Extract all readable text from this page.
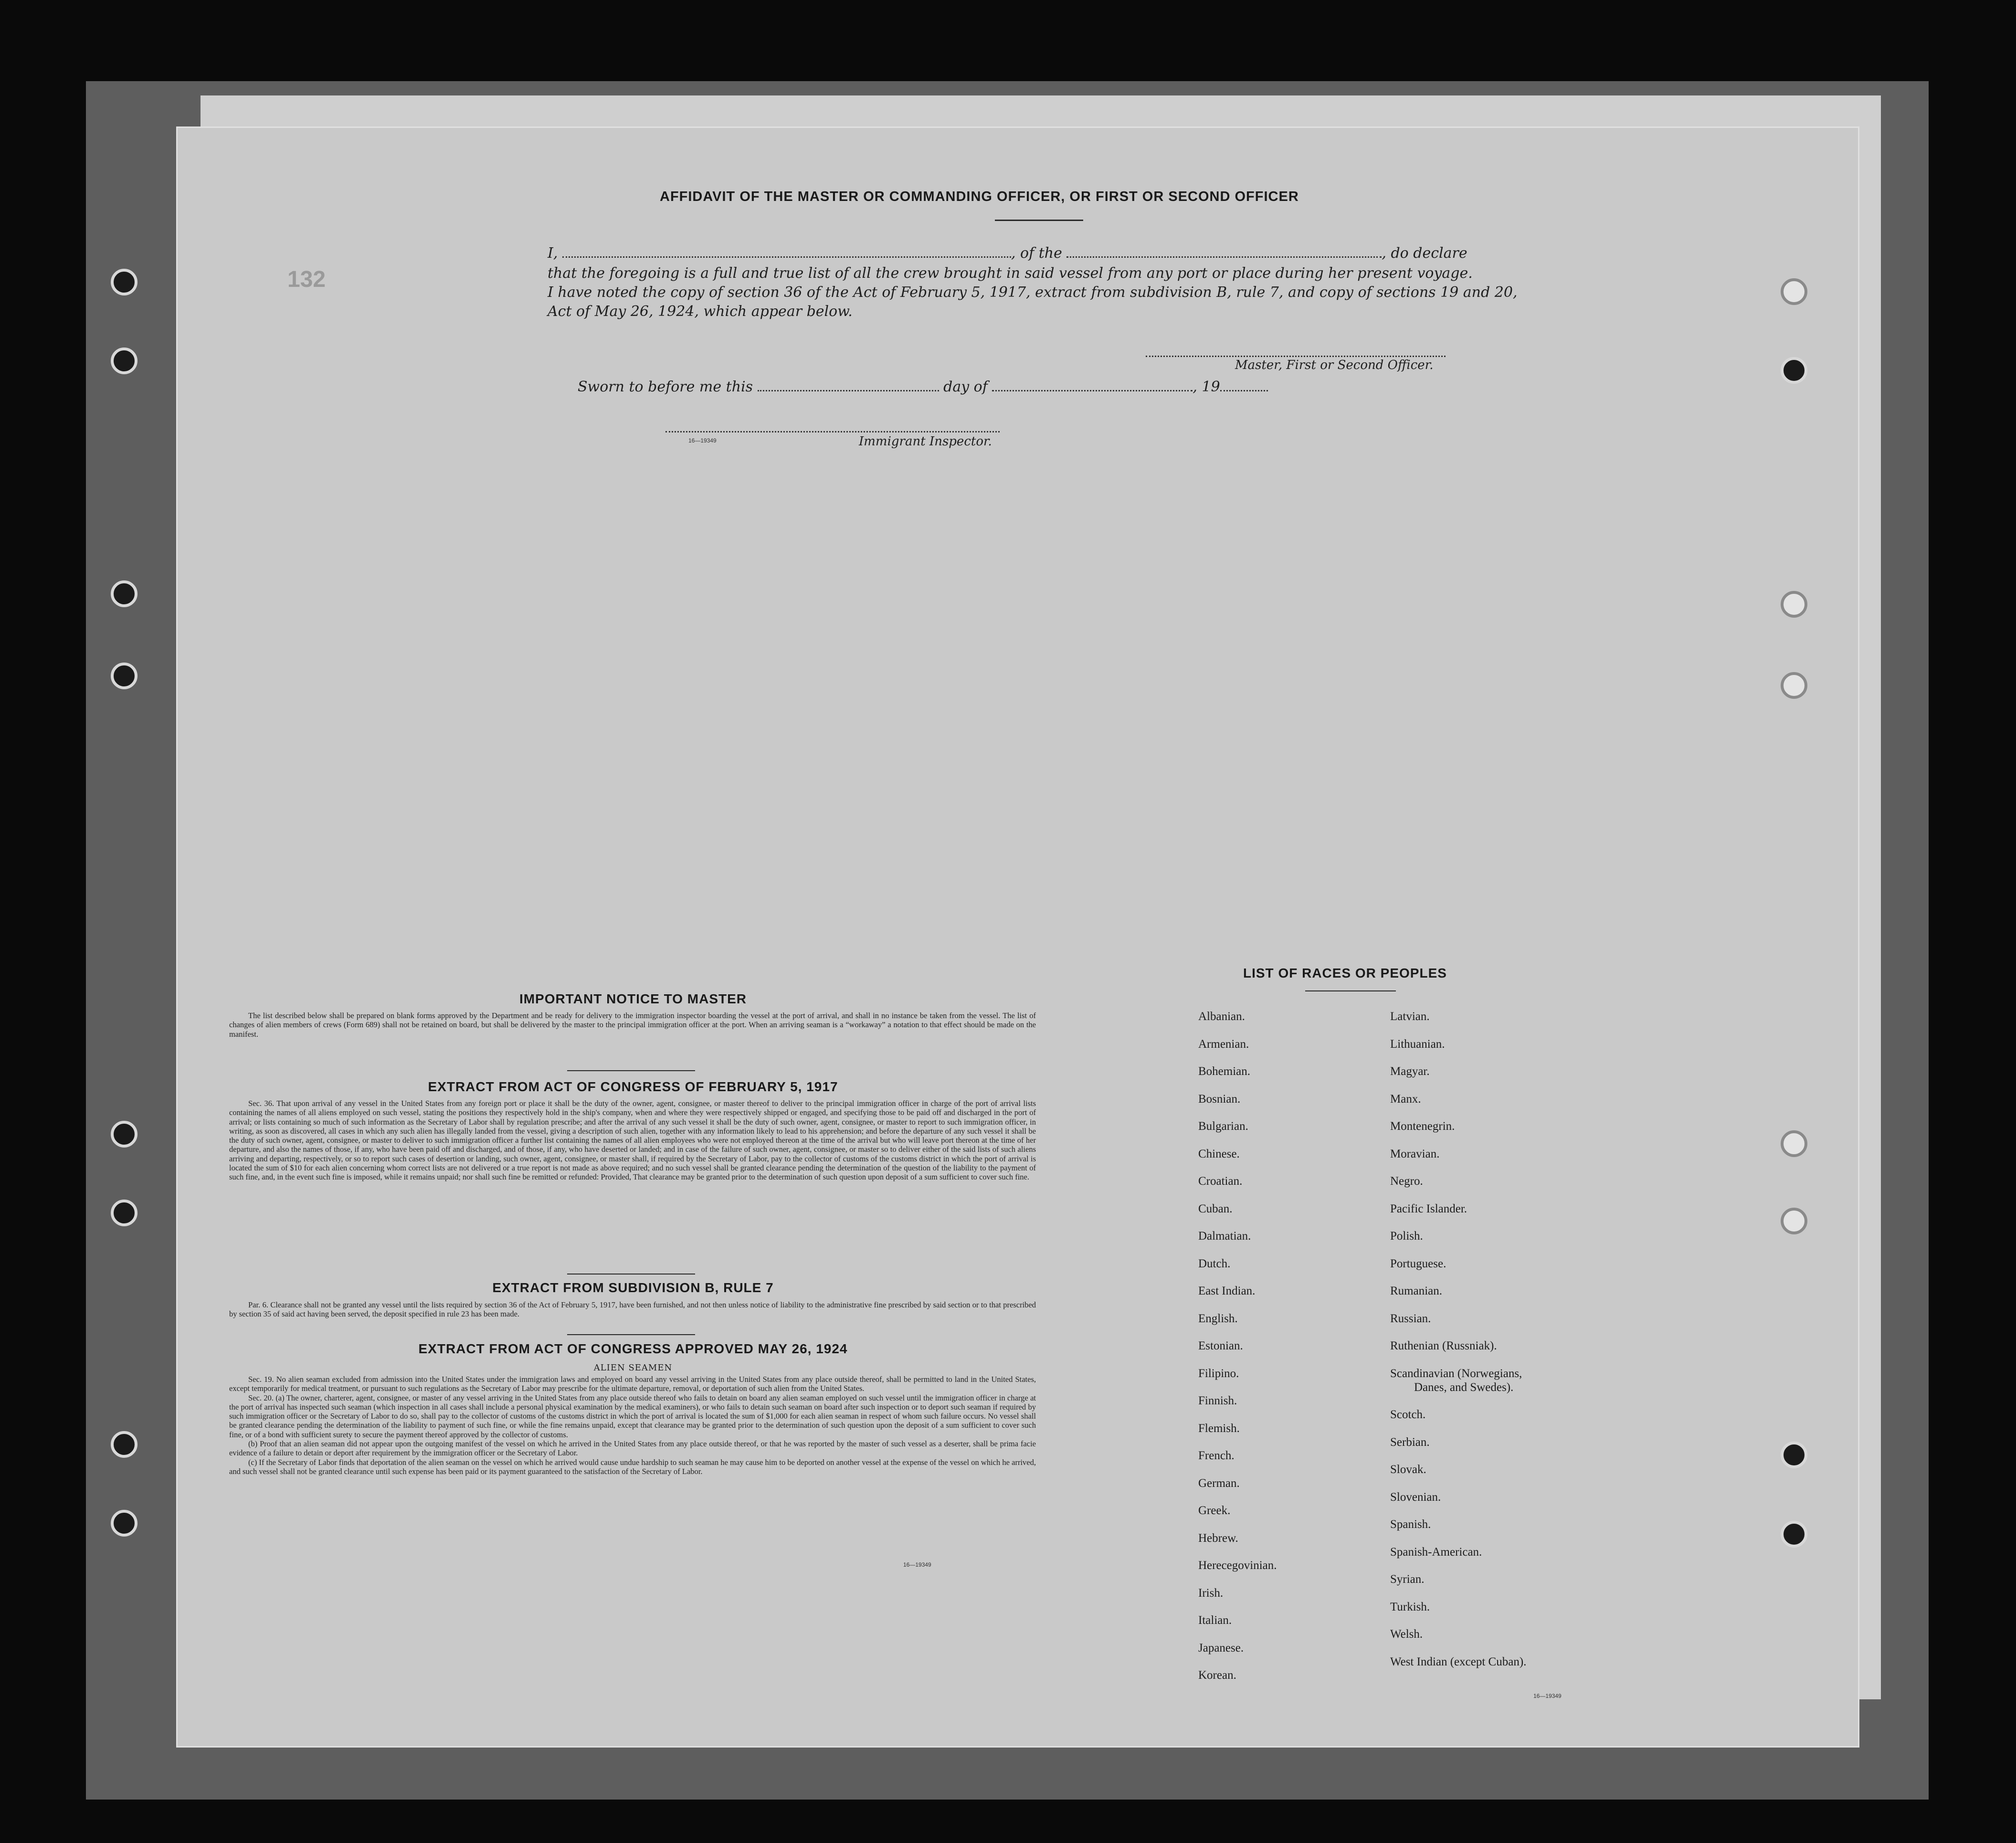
132
AFFIDAVIT OF THE MASTER OR COMMANDING OFFICER, OR FIRST OR SECOND OFFICER
I,	, of the	, do declare
that the foregoing is a full and true list of all the crew brought in said vessel from any port or place during her present voyage.
I have noted the copy of section 36 of the Act of February 5, 1917, extract from subdivision B, rule 7, and copy of sections 19 and 20,
Act of May 26, 1924, which appear below.
Master, First or Second Officer.
Sworn to before me this	day of	, 19
16—19349	Immigrant Inspector.
IMPORTANT NOTICE TO MASTER

The list described below shall be prepared on blank forms approved by the Department and be ready for delivery to the immigration inspector boarding the vessel at the port of arrival, and shall in no instance be taken from the vessel. The list of changes of alien members of crews (Form 689) shall not be retained on board, but shall be delivered by the master to the principal immigration officer at the port. When an arriving seaman is a “workaway” a notation to that effect should be made on the manifest.

EXTRACT FROM ACT OF CONGRESS OF FEBRUARY 5, 1917

Sec. 36. That upon arrival of any vessel in the United States from any foreign port or place it shall be the duty of the owner, agent, consignee, or master thereof to deliver to the principal immigration officer in charge of the port of arrival lists containing the names of all aliens employed on such vessel, stating the positions they respectively hold in the ship's company, when and where they were respectively shipped or engaged, and specifying those to be paid off and discharged in the port of arrival; or lists containing so much of such information as the Secretary of Labor shall by regulation prescribe; and after the arrival of any such vessel it shall be the duty of such owner, agent, consignee, or master to report to such immigration officer, in writing, as soon as discovered, all cases in which any such alien has illegally landed from the vessel, giving a description of such alien, together with any information likely to lead to his apprehension; and before the departure of any such vessel it shall be the duty of such owner, agent, consignee, or master to deliver to such immigration officer a further list containing the names of all alien employees who were not employed thereon at the time of the arrival but who will leave port thereon at the time of her departure, and also the names of those, if any, who have been paid off and discharged, and of those, if any, who have deserted or landed; and in case of the failure of such owner, agent, consignee, or master so to deliver either of the said lists of such aliens arriving and departing, respectively, or so to report such cases of desertion or landing, such owner, agent, consignee, or master shall, if required by the Secretary of Labor, pay to the collector of customs of the customs district in which the port of arrival is located the sum of $10 for each alien concerning whom correct lists are not delivered or a true report is not made as above required; and no such vessel shall be granted clearance pending the determination of the question of the liability to the payment of such fine, and, in the event such fine is imposed, while it remains unpaid; nor shall such fine be remitted or refunded: Provided, That clearance may be granted prior to the determination of such question upon deposit of a sum sufficient to cover such fine.

EXTRACT FROM SUBDIVISION B, RULE 7

Par. 6. Clearance shall not be granted any vessel until the lists required by section 36 of the Act of February 5, 1917, have been furnished, and not then unless notice of liability to the administrative fine prescribed by said section or to that prescribed by section 35 of said act having been served, the deposit specified in rule 23 has been made.

EXTRACT FROM ACT OF CONGRESS APPROVED MAY 26, 1924
ALIEN SEAMEN

Sec. 19. No alien seaman excluded from admission into the United States under the immigration laws and employed on board any vessel arriving in the United States from any place outside thereof, shall be permitted to land in the United States, except temporarily for medical treatment, or pursuant to such regulations as the Secretary of Labor may prescribe for the ultimate departure, removal, or deportation of such alien from the United States.

Sec. 20. (a) The owner, charterer, agent, consignee, or master of any vessel arriving in the United States from any place outside thereof who fails to detain on board any alien seaman employed on such vessel until the immigration officer in charge at the port of arrival has inspected such seaman (which inspection in all cases shall include a personal physical examination by the medical examiners), or who fails to detain such seaman on board after such inspection or to deport such seaman if required by such immigration officer or the Secretary of Labor to do so, shall pay to the collector of customs of the customs district in which the port of arrival is located the sum of $1,000 for each alien seaman in respect of whom such failure occurs. No vessel shall be granted clearance pending the determination of the liability to payment of such fine, or while the fine remains unpaid, except that clearance may be granted prior to the determination of such question upon the deposit of a sum sufficient to cover such fine, or of a bond with sufficient surety to secure the payment thereof approved by the collector of customs.

(b) Proof that an alien seaman did not appear upon the outgoing manifest of the vessel on which he arrived in the United States from any place outside thereof, or that he was reported by the master of such vessel as a deserter, shall be prima facie evidence of a failure to detain or deport after requirement by the immigration officer or the Secretary of Labor.

(c) If the Secretary of Labor finds that deportation of the alien seaman on the vessel on which he arrived would cause undue hardship to such seaman he may cause him to be deported on another vessel at the expense of the vessel on which he arrived, and such vessel shall not be granted clearance until such expense has been paid or its payment guaranteed to the satisfaction of the Secretary of Labor.

16—19349
LIST OF RACES OR PEOPLES
Albanian.
Armenian.
Bohemian.
Bosnian.
Bulgarian.
Chinese.
Croatian.
Cuban.
Dalmatian.
Dutch.
East Indian.
English.
Estonian.
Filipino.
Finnish.
Flemish.
French.
German.
Greek.
Hebrew.
Herecegovinian.
Irish.
Italian.
Japanese.
Korean.
Latvian.
Lithuanian.
Magyar.
Manx.
Montenegrin.
Moravian.
Negro.
Pacific Islander.
Polish.
Portuguese.
Rumanian.
Russian.
Ruthenian (Russniak).
Scandinavian (Norwegians,
Danes, and Swedes).
Scotch.
Serbian.
Slovak.
Slovenian.
Spanish.
Spanish-American.
Syrian.
Turkish.
Welsh.
West Indian (except Cuban).
16—19349
